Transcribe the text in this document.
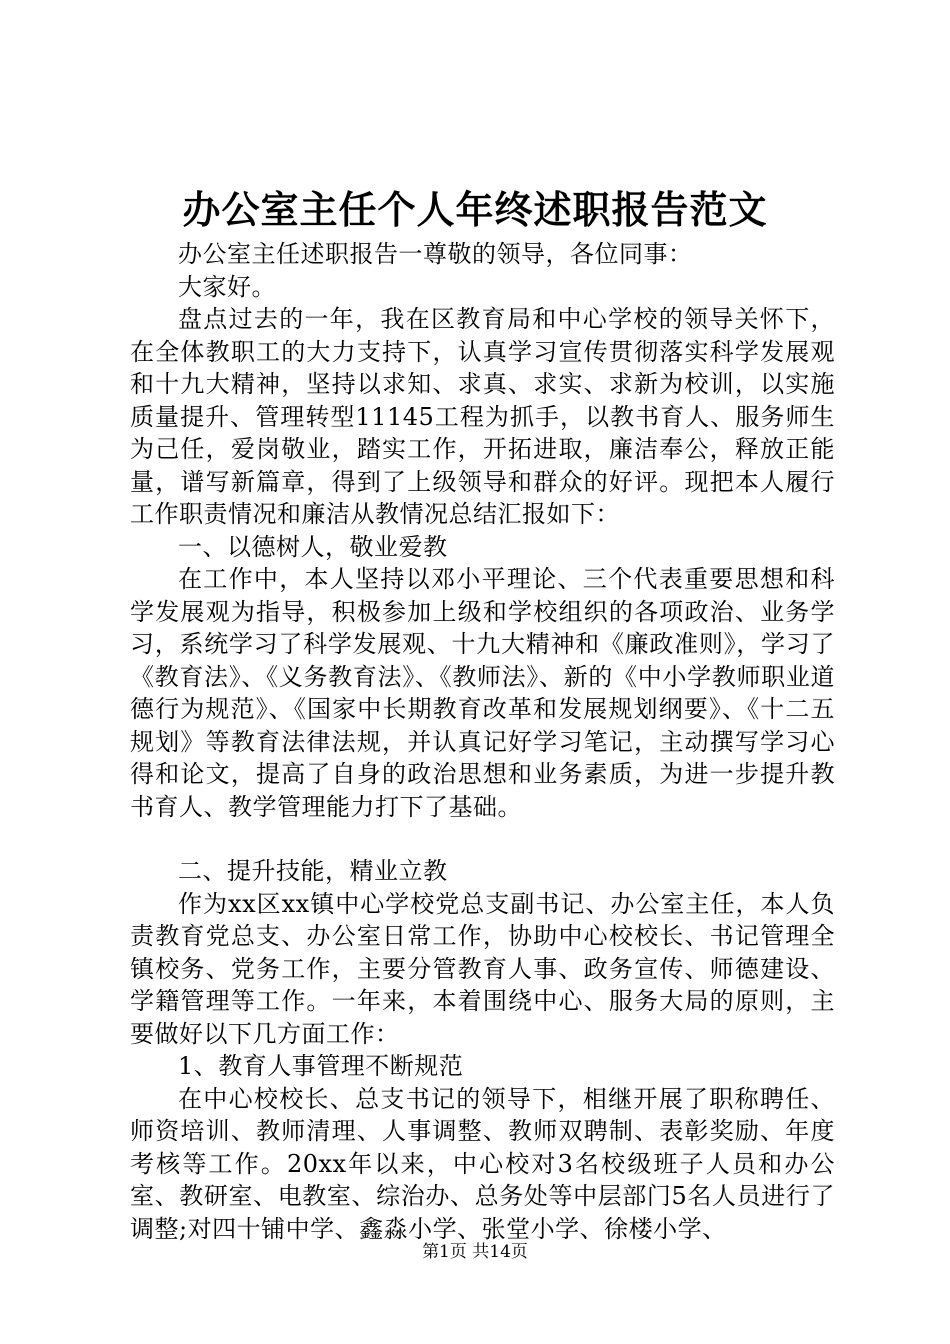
办公室主任个人年终述职报告范文

办公室主任述职报告一尊敬的领导，各位同事：

大家好。

盘点过去的一年，我在区教育局和中心学校的领导关怀下，在全体教职工的大力支持下，认真学习宣传贯彻落实科学发展观和十九大精神，坚持以求知、求真、求实、求新为校训，以实施质量提升、管理转型11145工程为抓手，以教书育人、服务师生为己任，爱岗敬业，踏实工作，开拓进取，廉洁奉公，释放正能量，谱写新篇章，得到了上级领导和群众的好评。现把本人履行工作职责情况和廉洁从教情况总结汇报如下：

一、以德树人，敬业爱教

在工作中，本人坚持以邓小平理论、三个代表重要思想和科学发展观为指导，积极参加上级和学校组织的各项政治、业务学习，系统学习了科学发展观、十九大精神和《廉政准则》，学习了《教育法》、《义务教育法》、《教师法》、新的《中小学教师职业道德行为规范》、《国家中长期教育改革和发展规划纲要》、《十二五规划》等教育法律法规，并认真记好学习笔记，主动撰写学习心得和论文，提高了自身的政治思想和业务素质，为进一步提升教书育人、教学管理能力打下了基础。

二、提升技能，精业立教

作为xx区xx镇中心学校党总支副书记、办公室主任，本人负责教育党总支、办公室日常工作，协助中心校校长、书记管理全镇校务、党务工作，主要分管教育人事、政务宣传、师德建设、学籍管理等工作。一年来，本着围绕中心、服务大局的原则，主要做好以下几方面工作：

1、教育人事管理不断规范

在中心校校长、总支书记的领导下，相继开展了职称聘任、师资培训、教师清理、人事调整、教师双聘制、表彰奖励、年度考核等工作。20xx年以来，中心校对3名校级班子人员和办公室、教研室、电教室、综治办、总务处等中层部门5名人员进行了调整;对四十铺中学、鑫淼小学、张堂小学、徐楼小学、

第1页 共14页
